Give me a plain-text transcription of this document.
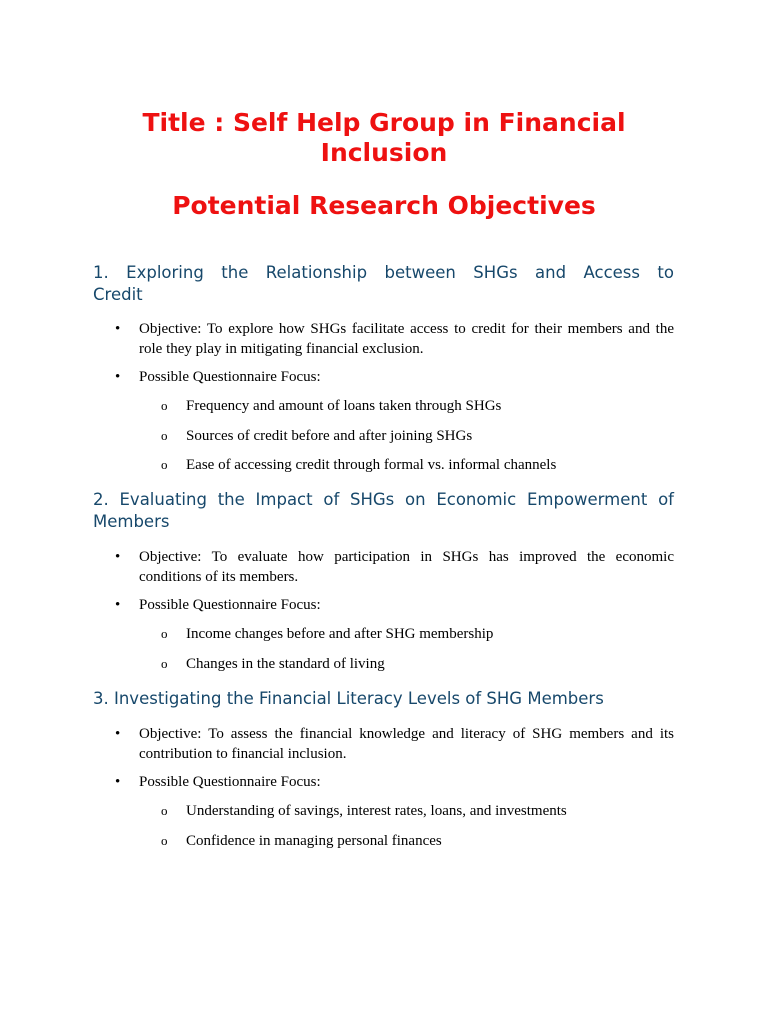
Title : Self Help Group in Financial
Inclusion
Potential Research Objectives
1. Exploring the Relationship between SHGs and Access to
Credit
•	Objective: To explore how SHGs facilitate access to credit for their members and the
role they play in mitigating financial exclusion.

•	Possible Questionnaire Focus:

o	Frequency and amount of loans taken through SHGs

o	Sources of credit before and after joining SHGs

o	Ease of accessing credit through formal vs. informal channels

2. Evaluating the Impact of SHGs on Economic Empowerment of
Members
•	Objective: To evaluate how participation in SHGs has improved the economic
conditions of its members.

•	Possible Questionnaire Focus:

o	Income changes before and after SHG membership

o	Changes in the standard of living

3. Investigating the Financial Literacy Levels of SHG Members
•	Objective: To assess the financial knowledge and literacy of SHG members and its
contribution to financial inclusion.

•	Possible Questionnaire Focus:

o	Understanding of savings, interest rates, loans, and investments

o	Confidence in managing personal finances
